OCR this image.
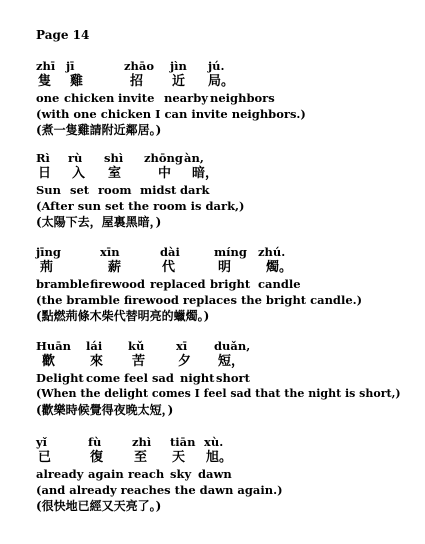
Page 14
zhī jī	zhāo jìn jú.
隻 雞	招 近 局。
one chicken invite nearby neighbors
(with one chicken I can invite neighbors.)
(煮一隻雞請附近鄰居。)
Rì rù shì zhōng àn,
日 入 室	中 暗，
Sun set room midst dark
(After sun set the room is dark,)
(太陽下去，屋裏黑暗，)
jīng	xīn	dài	míng zhú.
荊	薪	代	明	燭。
bramble firewood replaced bright candle
(the bramble firewood replaces the bright candle.)
(點燃荊條木柴代替明亮的蠟燭。)
Huān lái kǔ	xī duǎn,
歡	來 苦	夕 短，
Delight come feel sad night short
(When the delight comes I feel sad that the night is short,)
(歡樂時候覺得夜晚太短，)
yǐ	fù	zhì tiān xù.
已	復 至 天 旭。
already again reach sky dawn
(and already reaches the dawn again.)
(很快地已經又天亮了。)
